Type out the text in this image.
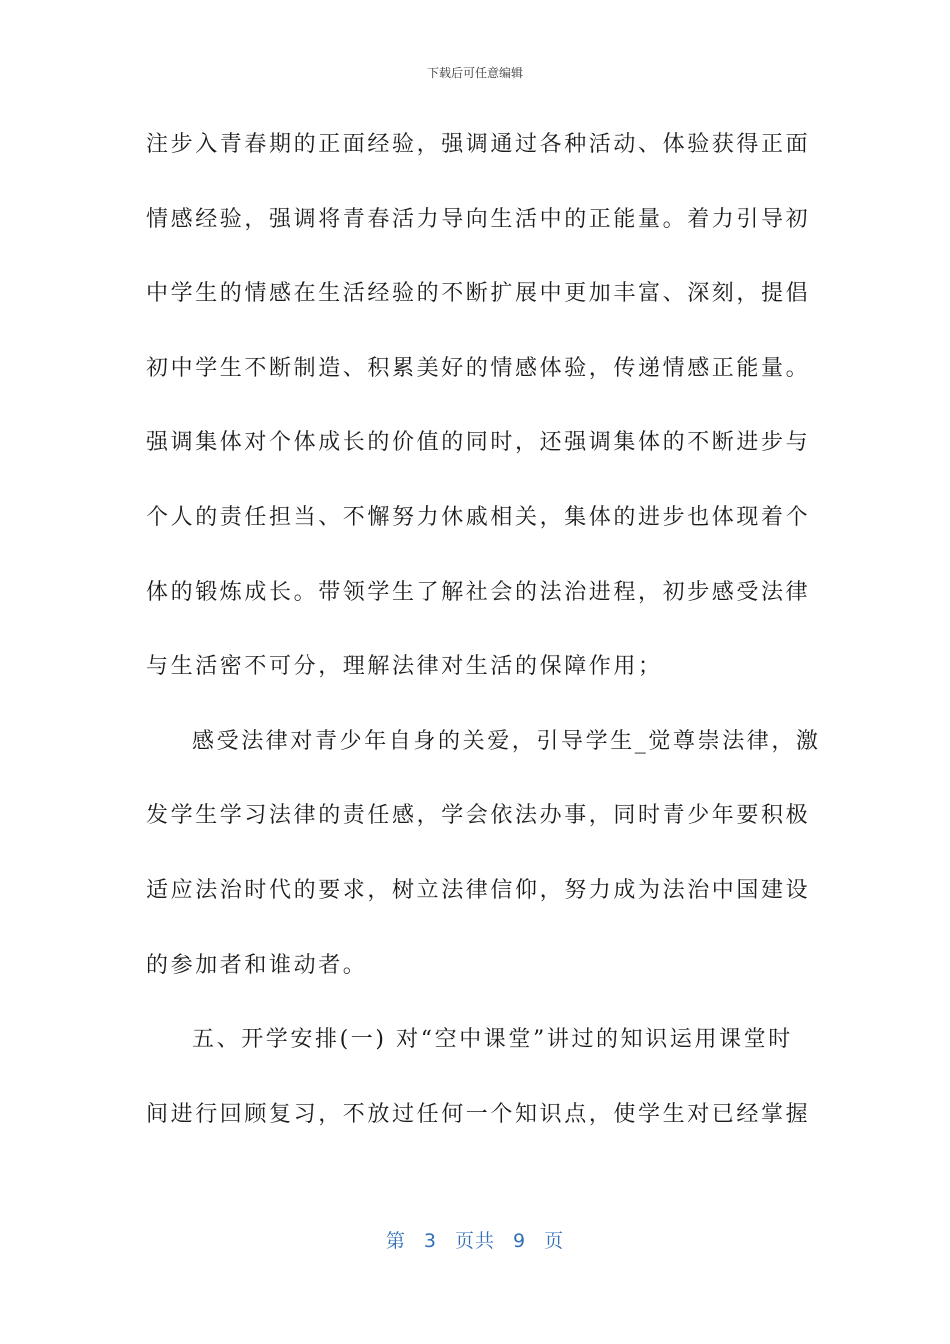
下载后可任意编辑
注步入青春期的正面经验，强调通过各种活动、体验获得正面
情感经验，强调将青春活力导向生活中的正能量。着力引导初
中学生的情感在生活经验的不断扩展中更加丰富、深刻，提倡
初中学生不断制造、积累美好的情感体验，传递情感正能量。
强调集体对个体成长的价值的同时，还强调集体的不断进步与
个人的责任担当、不懈努力休戚相关，集体的进步也体现着个
体的锻炼成长。带领学生了解社会的法治进程，初步感受法律
与生活密不可分，理解法律对生活的保障作用；
感受法律对青少年自身的关爱，引导学生_觉尊崇法律，激
发学生学习法律的责任感，学会依法办事，同时青少年要积极
适应法治时代的要求，树立法律信仰，努力成为法治中国建设
的参加者和谁动者。
五、开学安排(一) 对“空中课堂”讲过的知识运用课堂时
间进行回顾复习，不放过任何一个知识点，使学生对已经掌握
第 3 页共 9 页
